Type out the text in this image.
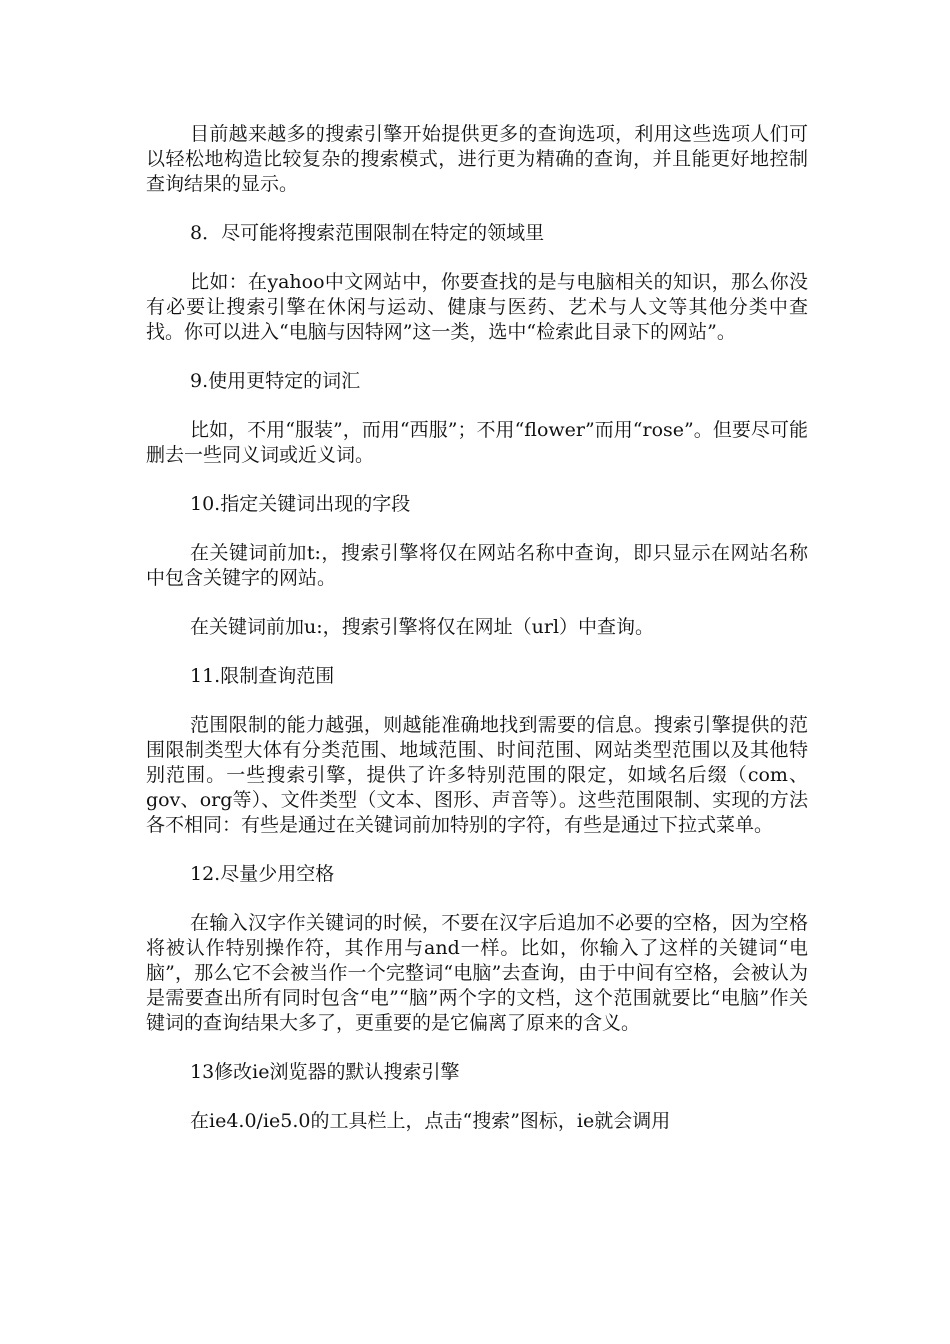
目前越来越多的搜索引擎开始提供更多的查询选项，利用这些选项人们可以轻松地构造比较复杂的搜索模式，进行更为精确的查询，并且能更好地控制查询结果的显示。

8．尽可能将搜索范围限制在特定的领域里

比如：在yahoo中文网站中，你要查找的是与电脑相关的知识，那么你没有必要让搜索引擎在休闲与运动、健康与医药、艺术与人文等其他分类中查找。你可以进入“电脑与因特网”这一类，选中“检索此目录下的网站”。

9.使用更特定的词汇

比如，不用“服装”，而用“西服”；不用“flower”而用“rose”。但要尽可能删去一些同义词或近义词。

10.指定关键词出现的字段

在关键词前加t:，搜索引擎将仅在网站名称中查询，即只显示在网站名称中包含关键字的网站。

在关键词前加u:，搜索引擎将仅在网址（url）中查询。

11.限制查询范围

范围限制的能力越强，则越能准确地找到需要的信息。搜索引擎提供的范围限制类型大体有分类范围、地域范围、时间范围、网站类型范围以及其他特别范围。一些搜索引擎，提供了许多特别范围的限定，如域名后缀（com、gov、org等）、文件类型（文本、图形、声音等）。这些范围限制、实现的方法各不相同：有些是通过在关键词前加特别的字符，有些是通过下拉式菜单。

12.尽量少用空格

在输入汉字作关键词的时候，不要在汉字后追加不必要的空格，因为空格将被认作特别操作符，其作用与and一样。比如，你输入了这样的关键词“电脑”，那么它不会被当作一个完整词“电脑”去查询，由于中间有空格，会被认为是需要查出所有同时包含“电”“脑”两个字的文档，这个范围就要比“电脑”作关键词的查询结果大多了，更重要的是它偏离了原来的含义。

13修改ie浏览器的默认搜索引擎

在ie4.0/ie5.0的工具栏上，点击“搜索”图标，ie就会调用
